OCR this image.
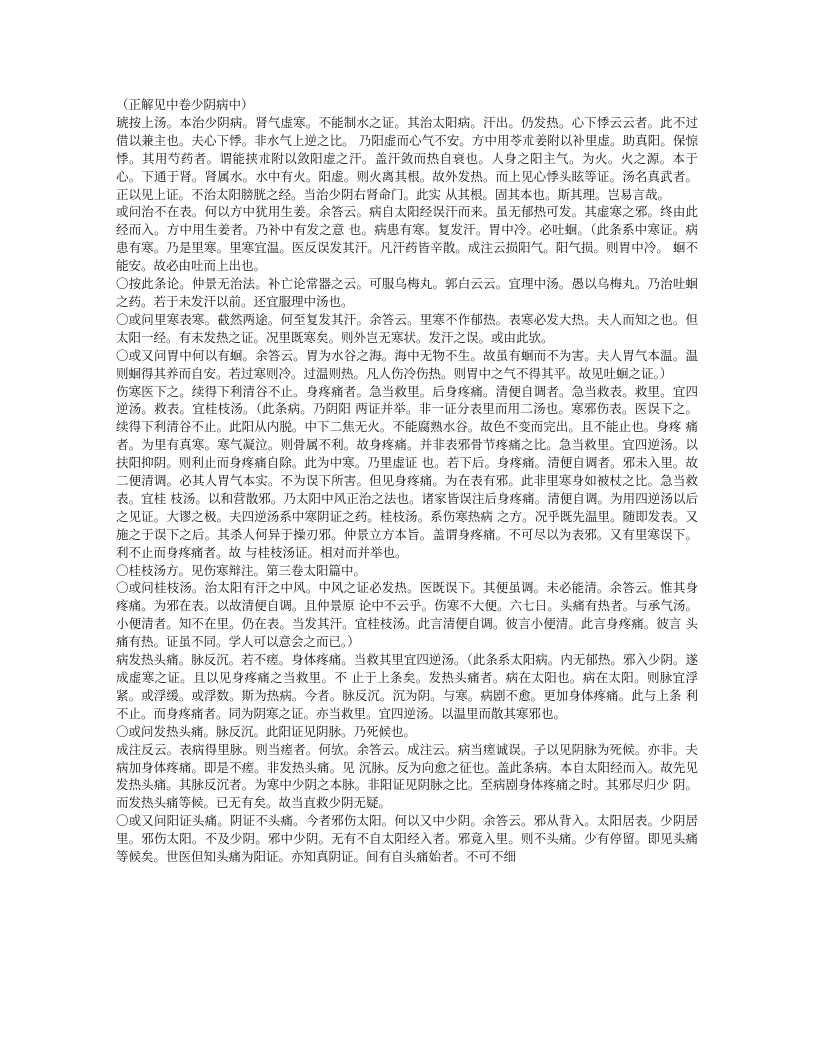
（正解见中卷少阴病中）

琥按上汤。本治少阴病。肾气虚寒。不能制水之证。其治太阳病。汗出。仍发热。心下悸云云者。此不过借以兼主也。夫心下悸。非水气上逆之比。 乃阳虚而心气不安。方中用苓朮姜附以补里虚。助真阳。保惊悸。其用芍药者。谓能挟朮附以敛阳虚之汗。盖汗敛而热自衰也。人身之阳主气。为火。火之源。本于 心。下通于肾。肾属水。水中有火。阳虚。则火离其根。故外发热。而上见心悸头眩等证。汤名真武者。正以见上证。不治太阳膀胱之经。当治少阴右肾命门。此实 从其根。固其本也。斯其理。岂易言哉。

或问治不在表。何以方中犹用生姜。余答云。病自太阳经误汗而来。虽无郁热可发。其虚寒之邪。终由此经而入。方中用生姜者。乃补中有发之意 也。病患有寒。复发汗。胃中冷。必吐蛔。（此条系中寒证。病患有寒。乃是里寒。里寒宜温。医反误发其汗。凡汗药皆辛散。成注云损阳气。阳气损。则胃中冷。 蛔不能安。故必由吐而上出也。

〇按此条论。仲景无治法。补亡论常器之云。可服乌梅丸。郭白云云。宜理中汤。愚以乌梅丸。乃治吐蛔之药。若于未发汗以前。还宜服理中汤也。

〇或问里寒表寒。截然两途。何至复发其汗。余答云。里寒不作郁热。表寒必发大热。夫人而知之也。但太阳一经。有未发热之证。况里既寒矣。则外岂无寒状。发汗之误。或由此欤。

〇或又问胃中何以有蛔。余答云。胃为水谷之海。海中无物不生。故虽有蛔而不为害。夫人胃气本温。温则蛔得其养而自安。若过寒则冷。过温则热。凡人伤冷伤热。则胃中之气不得其平。故见吐蛔之证。）

伤寒医下之。续得下利清谷不止。身疼痛者。急当救里。后身疼痛。清便自调者。急当救表。救里。宜四逆汤。救表。宜桂枝汤。（此条病。乃阴阳 两证并举。非一证分表里而用二汤也。寒邪伤表。医误下之。续得下利清谷不止。此阳从内脱。中下二焦无火。不能腐熟水谷。故色不变而完出。且不能止也。身疼 痛者。为里有真寒。寒气凝泣。则骨属不利。故身疼痛。并非表邪骨节疼痛之比。急当救里。宜四逆汤。以扶阳抑阴。则利止而身疼痛自除。此为中寒。乃里虚证 也。若下后。身疼痛。清便自调者。邪未入里。故二便清调。必其人胃气本实。不为误下所害。但见身疼痛。为在表有邪。此非里寒身如被杖之比。急当救表。宜桂 枝汤。以和营散邪。乃太阳中风正治之法也。诸家皆误注后身疼痛。清便自调。为用四逆汤以后之见证。大谬之极。夫四逆汤系中寒阴证之药。桂枝汤。系伤寒热病 之方。况乎既先温里。随即发表。又施之于误下之后。其杀人何异于操刃邪。仲景立方本旨。盖谓身疼痛。不可尽以为表邪。又有里寒误下。利不止而身疼痛者。故 与桂枝汤证。相对而并举也。

〇桂枝汤方。见伤寒辩注。第三卷太阳篇中。

〇或问桂枝汤。治太阳有汗之中风。中风之证必发热。医既误下。其便虽调。未必能清。余答云。惟其身疼痛。为邪在表。以故清便自调。且仲景原 论中不云乎。伤寒不大便。六七日。头痛有热者。与承气汤。小便清者。知不在里。仍在表。当发其汗。宜桂枝汤。此言清便自调。彼言小便清。此言身疼痛。彼言 头痛有热。证虽不同。学人可以意会之而已。）

病发热头痛。脉反沉。若不瘥。身体疼痛。当救其里宜四逆汤。（此条系太阳病。内无郁热。邪入少阴。遂成虚寒之证。且以见身疼痛之当救里。不 止于上条矣。发热头痛者。病在太阳也。病在太阳。则脉宜浮紧。或浮缓。或浮数。斯为热病。今者。脉反沉。沉为阴。与寒。病剧不愈。更加身体疼痛。此与上条 利不止。而身疼痛者。同为阴寒之证。亦当救里。宜四逆汤。以温里而散其寒邪也。

〇或问发热头痛。脉反沉。此阳证见阴脉。乃死候也。

成注反云。表病得里脉。则当瘥者。何欤。余答云。成注云。病当瘥诚误。子以见阴脉为死候。亦非。夫病加身体疼痛。即是不瘥。非发热头痛。见 沉脉。反为向愈之征也。盖此条病。本自太阳经而入。故先见发热头痛。其脉反沉者。为寒中少阴之本脉。非阳证见阴脉之比。至病剧身体疼痛之时。其邪尽归少 阴。而发热头痛等候。已无有矣。故当直救少阴无疑。

〇或又问阳证头痛。阴证不头痛。今者邪伤太阳。何以又中少阴。余答云。邪从背入。太阳居表。少阴居里。邪伤太阳。不及少阴。邪中少阴。无有不自太阳经入者。邪竟入里。则不头痛。少有停留。即见头痛等候矣。世医但知头痛为阳证。亦知真阴证。间有自头痛始者。不可不细
